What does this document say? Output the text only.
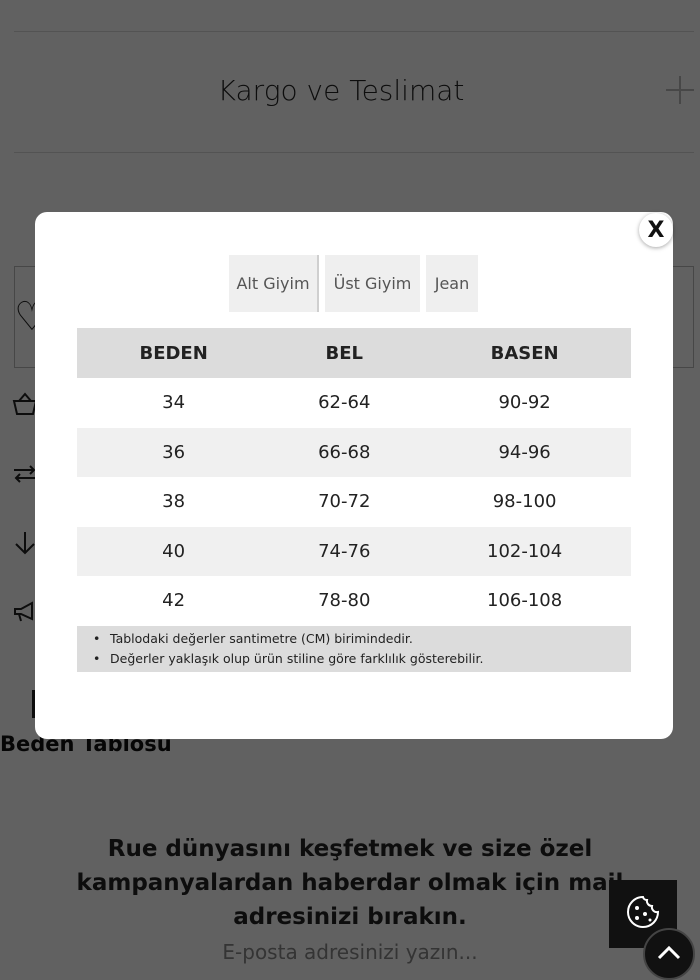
E-posta adresinizi yazın...
Alt Giyim	Üst Giyim	Jean
BEDEN	BEL	BASEN
34	62-64	90-92
36	66-68	94-96
38	70-72	98-100
40	74-76	102-104
42	78-80	106-108
• Tablodaki değerler santimetre (CM) birimindedir.
• Değerler yaklaşık olup ürün stiline göre farklılık gösterebilir.
X
